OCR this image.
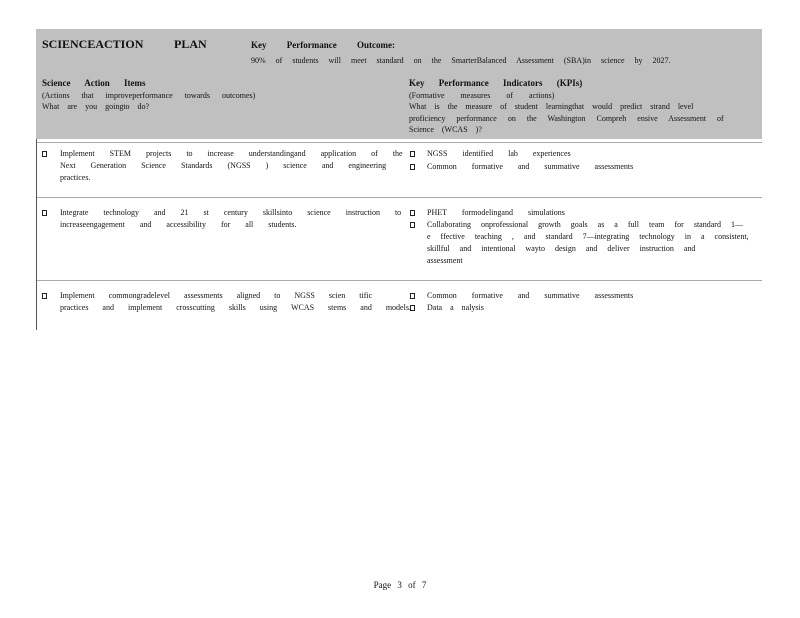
SCIENCEACTION	PLAN	Key Performance Outcome:
90% of students will meet standard on the SmarterBalanced Assessment (SBA)in science by 2027.
Science Action Items
(Actions that improveperformance towards outcomes)
What are you goingto do?
Key Performance Indicators (KPIs)
(Formative measures of actions)
What is the measure of student learningthat would predict strand level
proficiency performance on the Washington Compreh ensive Assessment of
Science (WCAS )?
Implement STEM projects to increase understandingand application of the
Next Generation Science Standards (NGSS ) science and engineering
practices.
NGSS identified lab experiences
Common formative and summative assessments
Integrate technology and 21 st century skillsinto science instruction to
increaseengagement and accessibility for all students.
PHET formodelingand simulations
Collaborating onprofessional growth goals as a full team for standard 1—
e ffective teaching , and standard 7—integrating technology in a consistent,
skillful and intentional wayto design and deliver instruction and
assessment
Implement commongradelevel assessments aligned to NGSS scien tific
practices and implement crosscutting skills using WCAS stems and models.
Common formative and summative assessments
Data a nalysis
Page 3 of 7
